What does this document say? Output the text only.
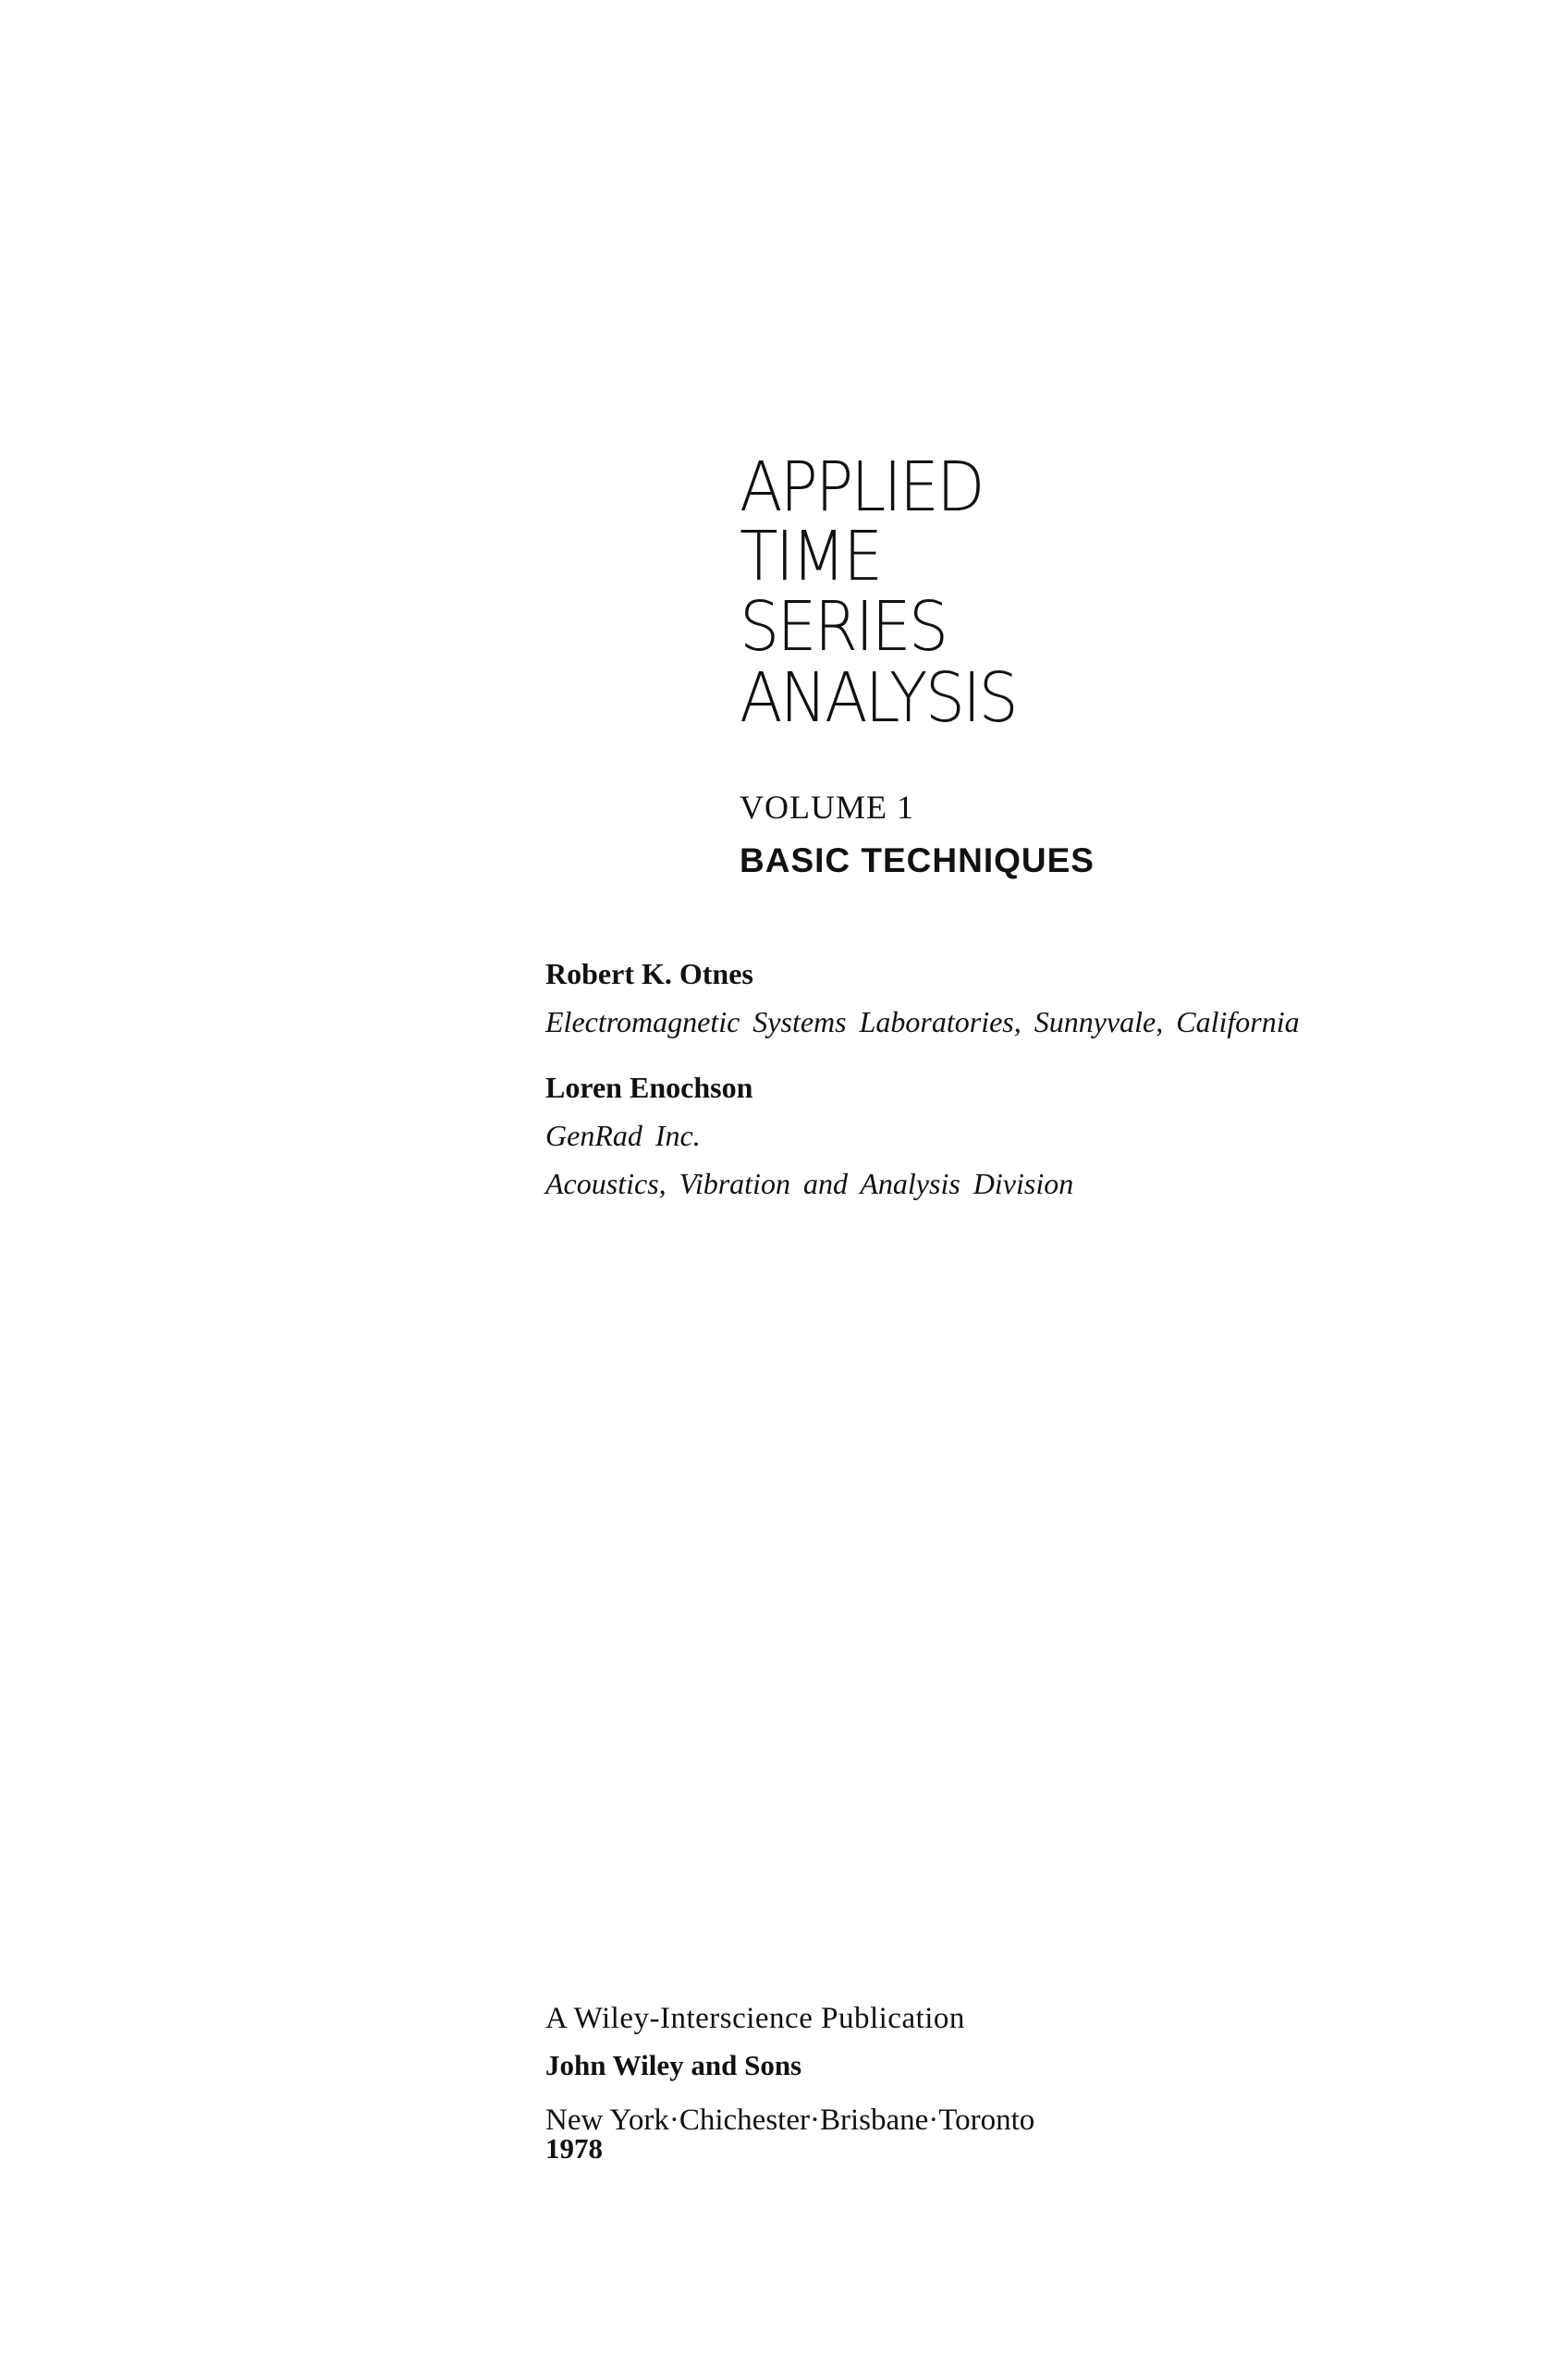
APPLIED
TIME
SERIES
ANALYSIS
VOLUME 1
BASIC TECHNIQUES
Robert K. Otnes
Electromagnetic Systems Laboratories, Sunnyvale, California
Loren Enochson
GenRad Inc.
Acoustics, Vibration and Analysis Division
A Wiley-Interscience Publication
John Wiley and Sons
New York·Chichester·Brisbane·Toronto
1978
